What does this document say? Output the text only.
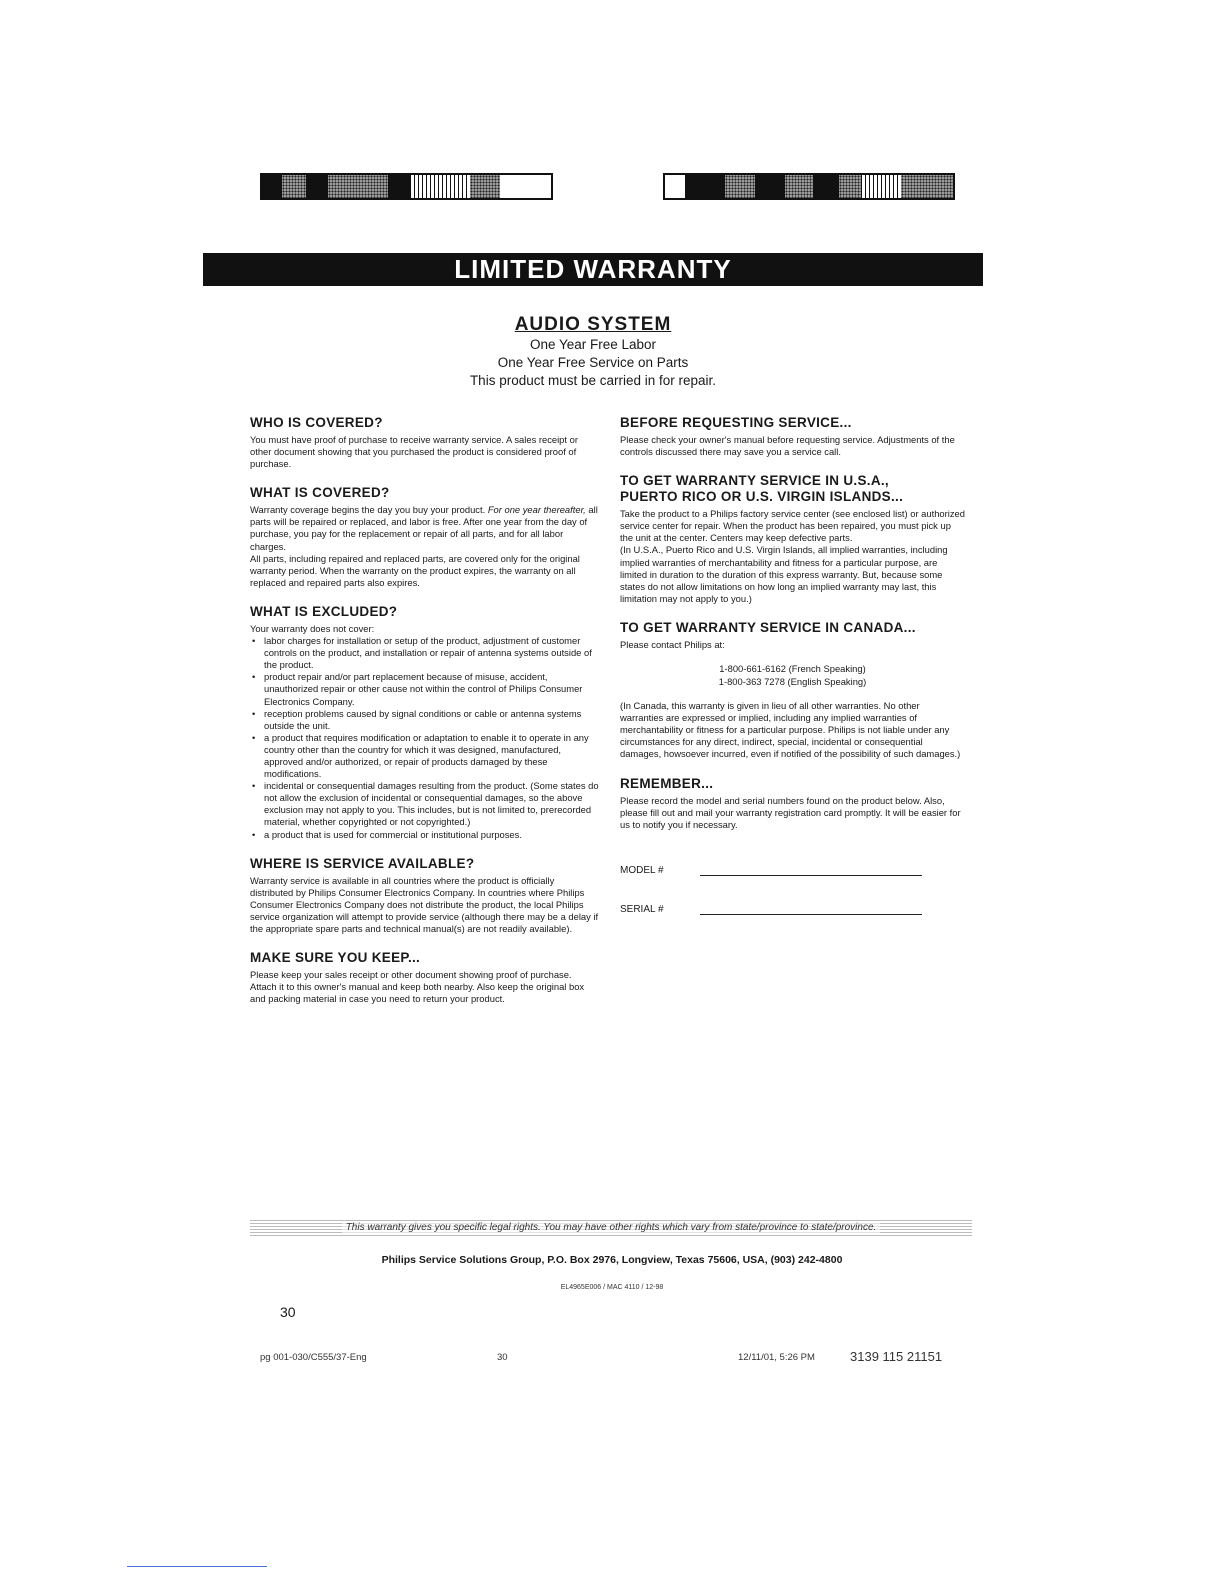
LIMITED WARRANTY
AUDIO SYSTEM
One Year Free Labor
One Year Free Service on Parts
This product must be carried in for repair.
WHO IS COVERED?

You must have proof of purchase to receive warranty service. A sales receipt or other document showing that you purchased the product is considered proof of purchase.

WHAT IS COVERED?

Warranty coverage begins the day you buy your product. For one year thereafter, all parts will be repaired or replaced, and labor is free. After one year from the day of purchase, you pay for the replacement or repair of all parts, and for all labor charges.

All parts, including repaired and replaced parts, are covered only for the original warranty period. When the warranty on the product expires, the warranty on all replaced and repaired parts also expires.

WHAT IS EXCLUDED?

Your warranty does not cover:

• labor charges for installation or setup of the product, adjustment of customer controls on the product, and installation or repair of antenna systems outside of the product.
• product repair and/or part replacement because of misuse, accident, unauthorized repair or other cause not within the control of Philips Consumer Electronics Company.
• reception problems caused by signal conditions or cable or antenna systems outside the unit.
• a product that requires modification or adaptation to enable it to operate in any country other than the country for which it was designed, manufactured, approved and/or authorized, or repair of products damaged by these modifications.
• incidental or consequential damages resulting from the product. (Some states do not allow the exclusion of incidental or consequential damages, so the above exclusion may not apply to you. This includes, but is not limited to, prerecorded material, whether copyrighted or not copyrighted.)
• a product that is used for commercial or institutional purposes.
WHERE IS SERVICE AVAILABLE?

Warranty service is available in all countries where the product is officially distributed by Philips Consumer Electronics Company. In countries where Philips Consumer Electronics Company does not distribute the product, the local Philips service organization will attempt to provide service (although there may be a delay if the appropriate spare parts and technical manual(s) are not readily available).

MAKE SURE YOU KEEP...

Please keep your sales receipt or other document showing proof of purchase. Attach it to this owner's manual and keep both nearby. Also keep the original box and packing material in case you need to return your product.

BEFORE REQUESTING SERVICE...

Please check your owner's manual before requesting service. Adjustments of the controls discussed there may save you a service call.

TO GET WARRANTY SERVICE IN U.S.A.,
PUERTO RICO OR U.S. VIRGIN ISLANDS...

Take the product to a Philips factory service center (see enclosed list) or authorized service center for repair. When the product has been repaired, you must pick up the unit at the center. Centers may keep defective parts.

(In U.S.A., Puerto Rico and U.S. Virgin Islands, all implied warranties, including implied warranties of merchantability and fitness for a particular purpose, are limited in duration to the duration of this express warranty. But, because some states do not allow limitations on how long an implied warranty may last, this limitation may not apply to you.)

TO GET WARRANTY SERVICE IN CANADA...

Please contact Philips at:

1-800-661-6162 (French Speaking)
1-800-363 7278 (English Speaking)

(In Canada, this warranty is given in lieu of all other warranties. No other warranties are expressed or implied, including any implied warranties of merchantability or fitness for a particular purpose. Philips is not liable under any circumstances for any direct, indirect, special, incidental or consequential damages, howsoever incurred, even if notified of the possibility of such damages.)

REMEMBER...

Please record the model and serial numbers found on the product below. Also, please fill out and mail your warranty registration card promptly. It will be easier for us to notify you if necessary.

MODEL #
SERIAL #
This warranty gives you specific legal rights. You may have other rights which vary from state/province to state/province.
Philips Service Solutions Group, P.O. Box 2976, Longview, Texas 75606, USA, (903) 242-4800
EL4965E006 / MAC 4110 / 12-98
30
pg 001-030/C555/37-Eng	30	12/11/01, 5:26 PM	3139 115 21151
